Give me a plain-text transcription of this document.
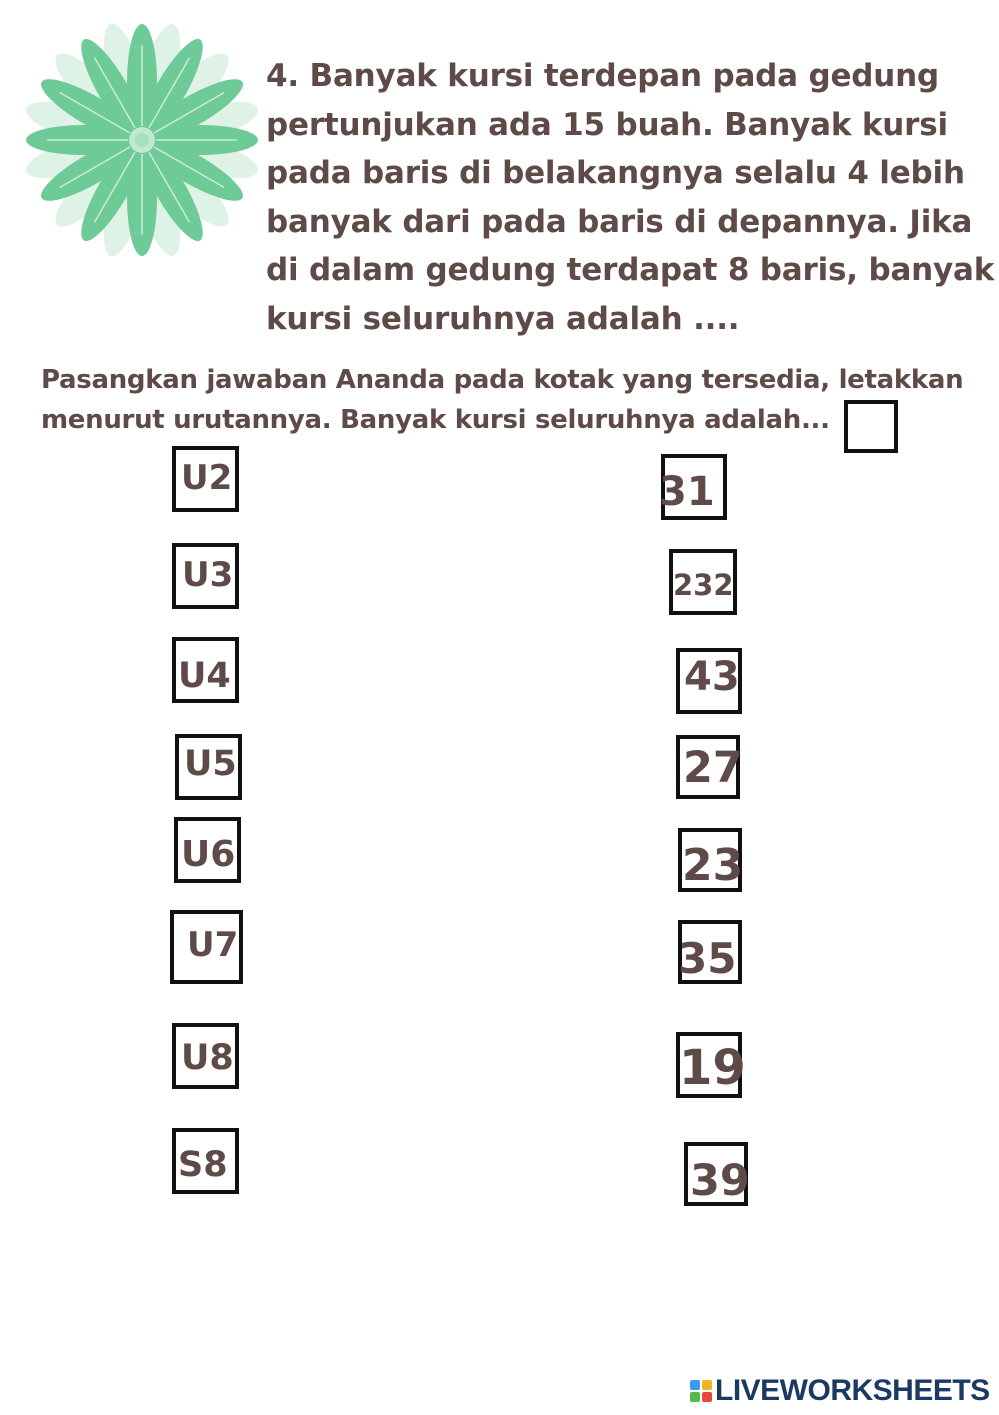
4. Banyak kursi terdepan pada gedung
pertunjukan ada 15 buah. Banyak kursi
pada baris di belakangnya selalu 4 lebih
banyak dari pada baris di depannya. Jika
di dalam gedung terdapat 8 baris, banyak
kursi seluruhnya adalah ....
Pasangkan jawaban Ananda pada kotak yang tersedia, letakkan
menurut urutannya. Banyak kursi seluruhnya adalah...
U2
U3
U4
U5
U6
U7
U8
S8
31
232
43
27
23
35
19
39
LIVEWORKSHEETS
